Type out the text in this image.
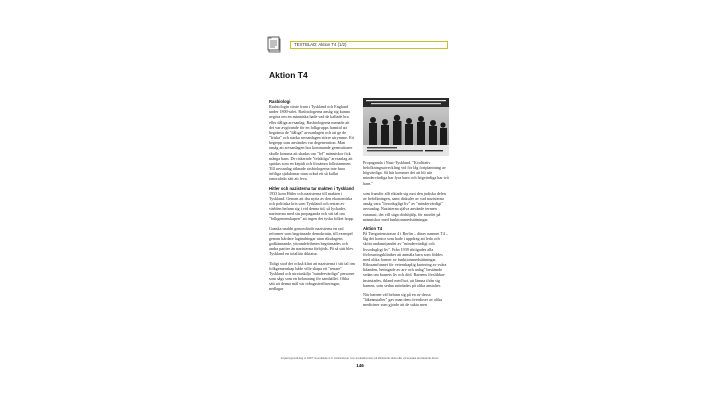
TEXTBLAD: Aktion T4 (1/2)
Aktion T4
Rasbiologi

Rasbiologin växte fram i Tyskland och England under 1800-talet. Rasbiologerna ansåg sig kunna avgöra om en människa hade vad de kallade bra eller dåliga arvsanlag. Rasbiologerna menade att det var avgörande för en folkgrupps framtid att begränsa de "dåliga" arvsanlagen och att ge de "friska" och starka arvsanlagen större utrymme. Ett begrepp som användes var degeneration. Man ansåg att arvsanlagen hos kommande generationer skulle komma att skadas om "fel" människor fick många barn. De riskerade "felaktiga" arvsanlag att spridas som en kepidi och försämra folkstammen. Till arvsanlag räknade rasbiologerna inte bara ärftliga sjukdomar utan också ett så kallat omoraliskt sätt att leva.

Hitler och nazisterna tar makten i Tyskland

1933 kom Hitler och nazisterna till makten i Tyskland. Genom att dra nytta av den ekonomiska och politiska kris som Tyskland och resten av världen befann sig i vid denna tid, så lyckades nazisterna med sin propaganda och sitt tal om "folkgemenskapen" att ingen det tyska folket hopp.

Ganska snabbt genomförde nazisterna en rad reformer som begränsade demokratin, till exempel genom hårdare lagändringar utan riksdagens godkännande, yttrandefriheten begränsades och andra partier än nazisterna förbjöds. På så sätt blev Tyskland en totalitär diktatur.

Tidigt stod det också klart att nazisterna i sitt tal om folkgemenskap både ville skapa ett "renare" Tyskland och utrotaskilja "mindervärdiga" personer som sågs som en belastning för samhället. Olika sätt att denna mål var tvångssteriliseringar, nedlagar

Propaganda i Nazi-Tyskland. "Kvalitativ befolkningsutveckling vid för låg fortplantning av högvärdiga. Så här kommer det att bli när mindervärdiga har fyra barn och högvärdiga har två barn."

som framför allt riktade sig mot den judiska delen av befolkningen, samt diskuler av vad nazisterna ansåg vara "livsodugligt liv" av "mindervärdigt" arvsanlag. Nazisterna själva använde termen eutanasi, det vill säga dödshjälp, för mordet på människor med funktionsnedsättningar.

Aktion T4

På Tiergartenstrasse 4 i Berlin – därav namnet T4 – låg det kontor som hade i uppdrag att leda och sköta undanröjandet av "mindervärdigt och livsodugligt liv". Från 1939 riktigades alla förlossningskliniker att anmäla barn som föddes med olika former av funktionsnedsättningar. Rikssamfunnet för vetenskaplig kartering av svåra lidanden, betingade av arv och anlag" bestämde sedan om barnets liv och död. Barnens förslikbar- instrutades, ibland med hot, att lämna ifrån sig barnen, som sedan mördades på olika anstalter.

När barnen väl befann sig på en av dessa "läkeanstalter" gav man dem överdoser av olika mediciner som gjorde att de sakta men

Kopieringsunderlag ur DIXIT Grundskola 4–6. Lärare/elever som användlicensen på tillhörande skola eller vid enstaka skol-lärande-licens.
146
